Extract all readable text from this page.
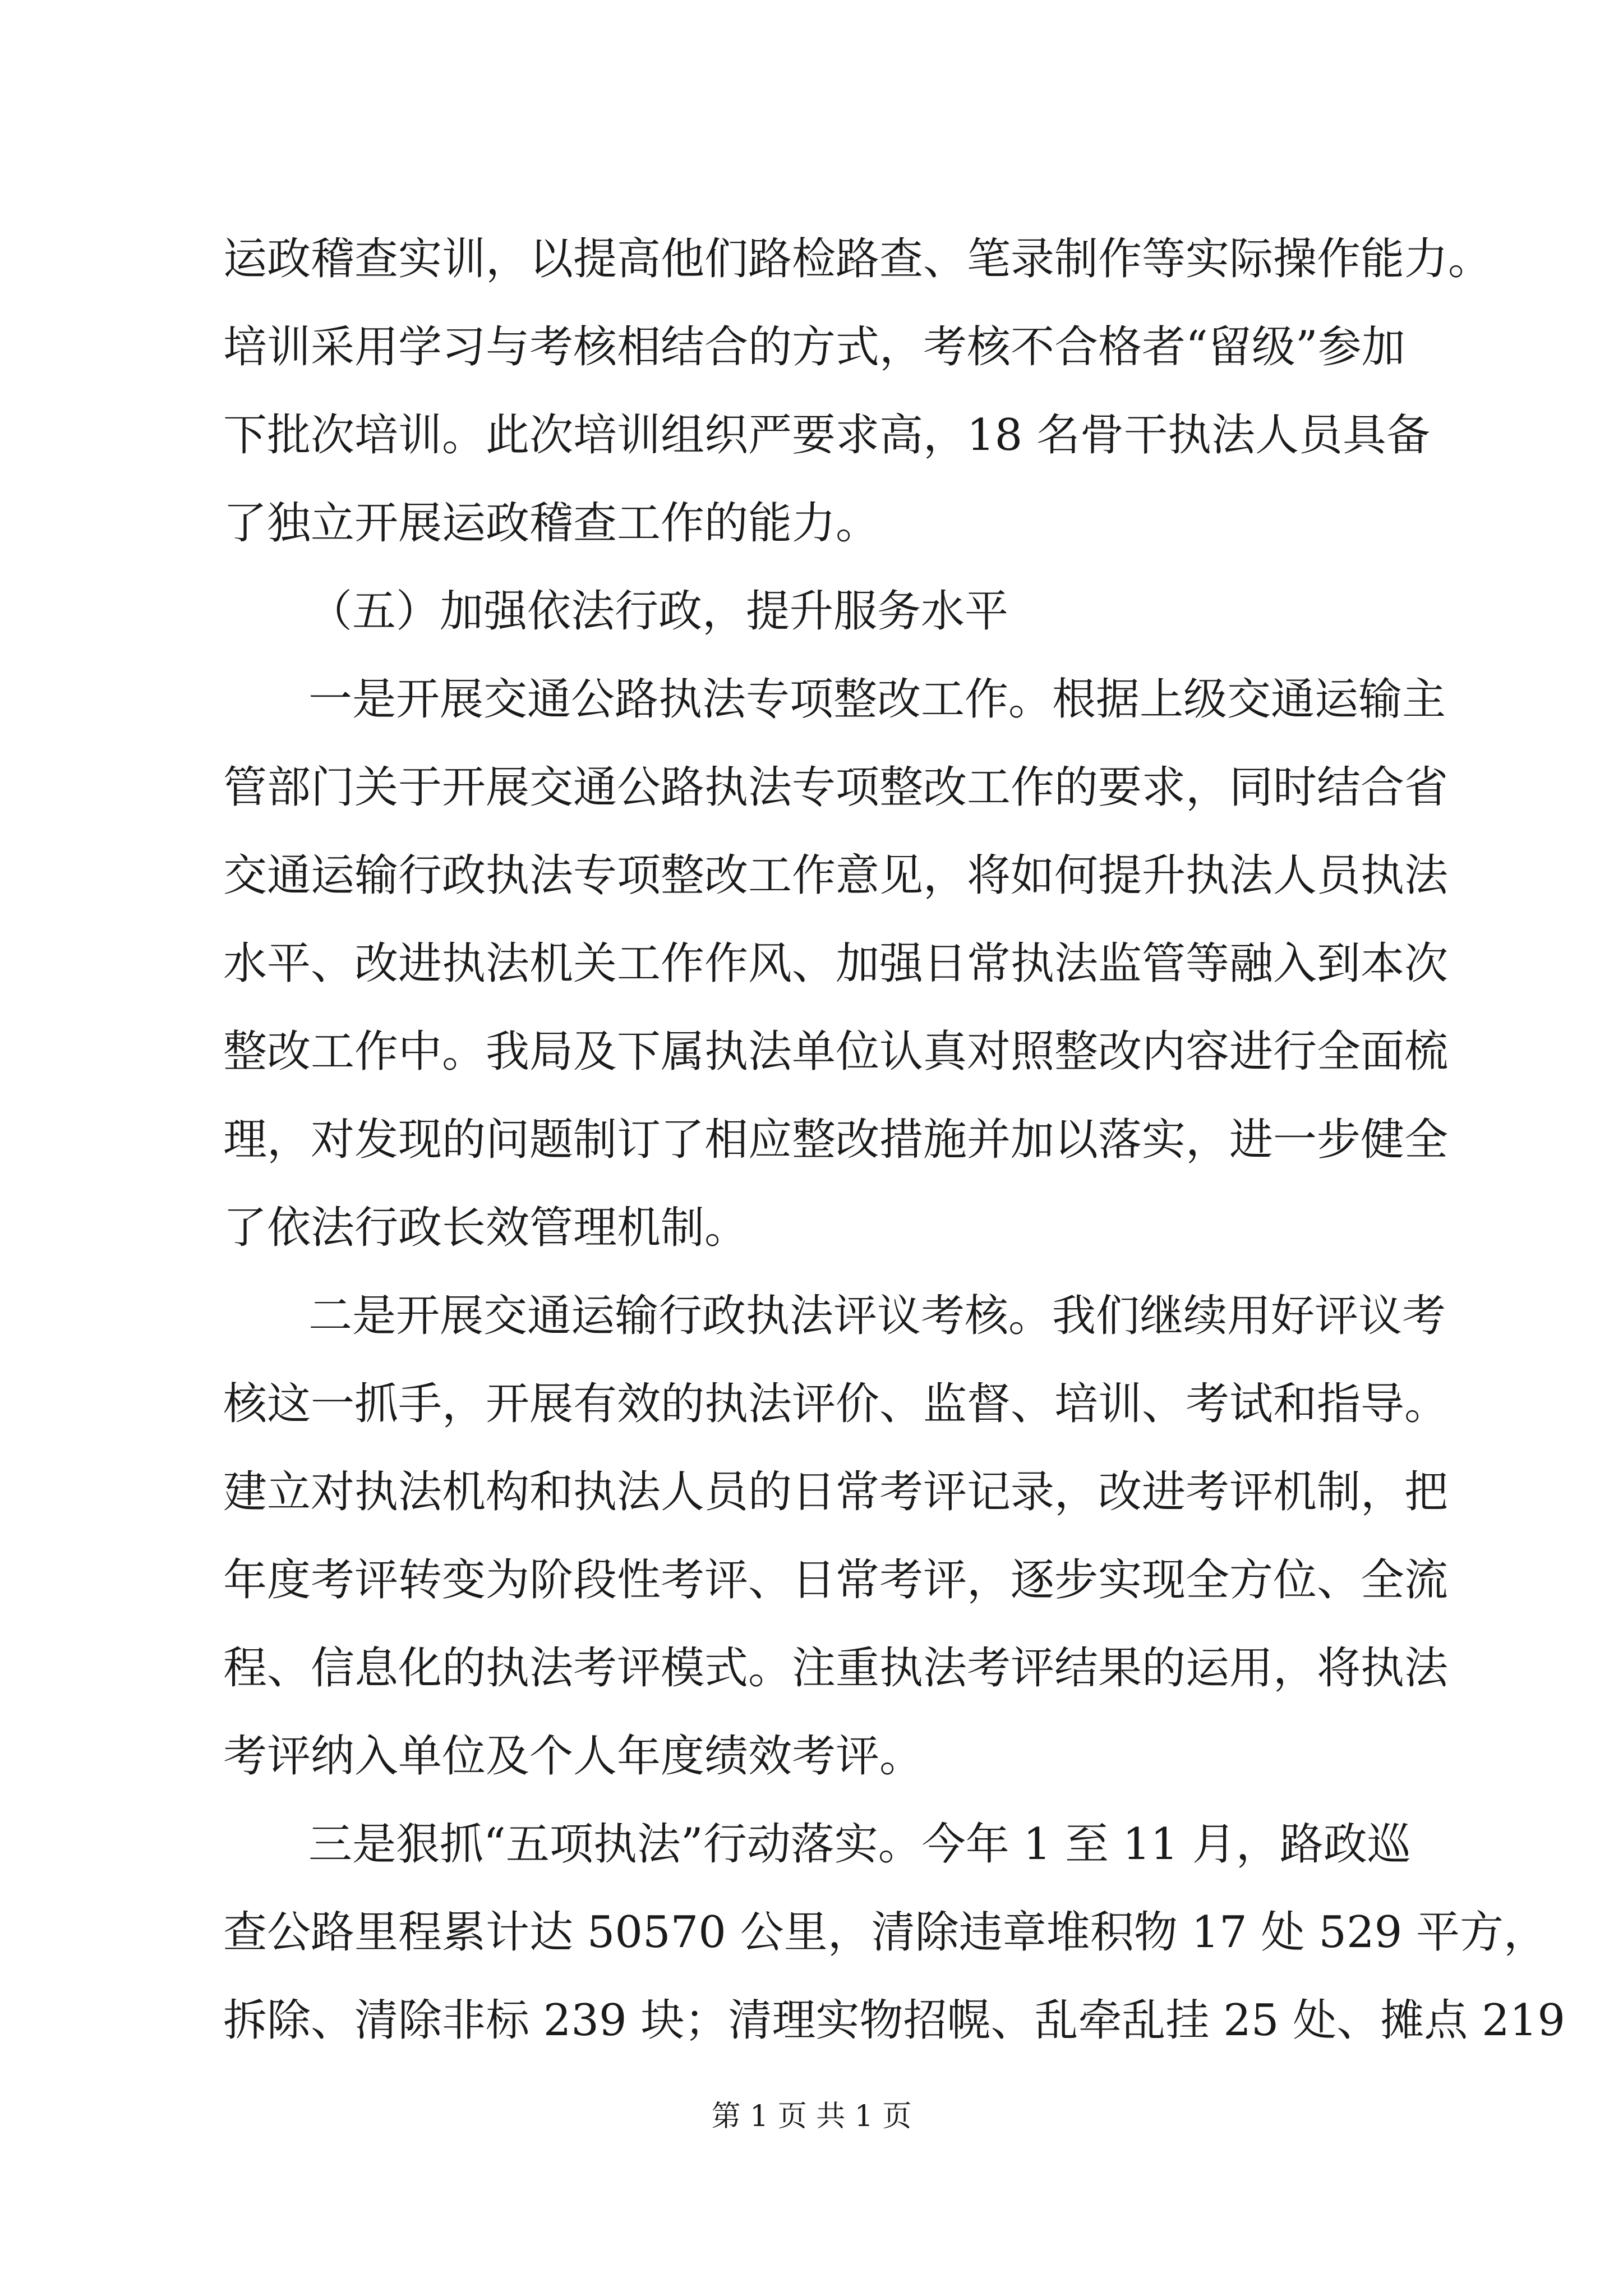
运政稽查实训，以提高他们路检路查、笔录制作等实际操作能力。
培训采用学习与考核相结合的方式，考核不合格者“留级”参加
下批次培训。此次培训组织严要求高，18 名骨干执法人员具备
了独立开展运政稽查工作的能力。
（五）加强依法行政，提升服务水平
一是开展交通公路执法专项整改工作。根据上级交通运输主
管部门关于开展交通公路执法专项整改工作的要求，同时结合省
交通运输行政执法专项整改工作意见，将如何提升执法人员执法
水平、改进执法机关工作作风、加强日常执法监管等融入到本次
整改工作中。我局及下属执法单位认真对照整改内容进行全面梳
理，对发现的问题制订了相应整改措施并加以落实，进一步健全
了依法行政长效管理机制。
二是开展交通运输行政执法评议考核。我们继续用好评议考
核这一抓手，开展有效的执法评价、监督、培训、考试和指导。
建立对执法机构和执法人员的日常考评记录，改进考评机制，把
年度考评转变为阶段性考评、日常考评，逐步实现全方位、全流
程、信息化的执法考评模式。注重执法考评结果的运用，将执法
考评纳入单位及个人年度绩效考评。
三是狠抓“五项执法”行动落实。今年 1 至 11 月，路政巡
查公路里程累计达 50570 公里，清除违章堆积物 17 处 529 平方，
拆除、清除非标 239 块；清理实物招幌、乱牵乱挂 25 处、摊点 219
第 1 页 共 1 页
